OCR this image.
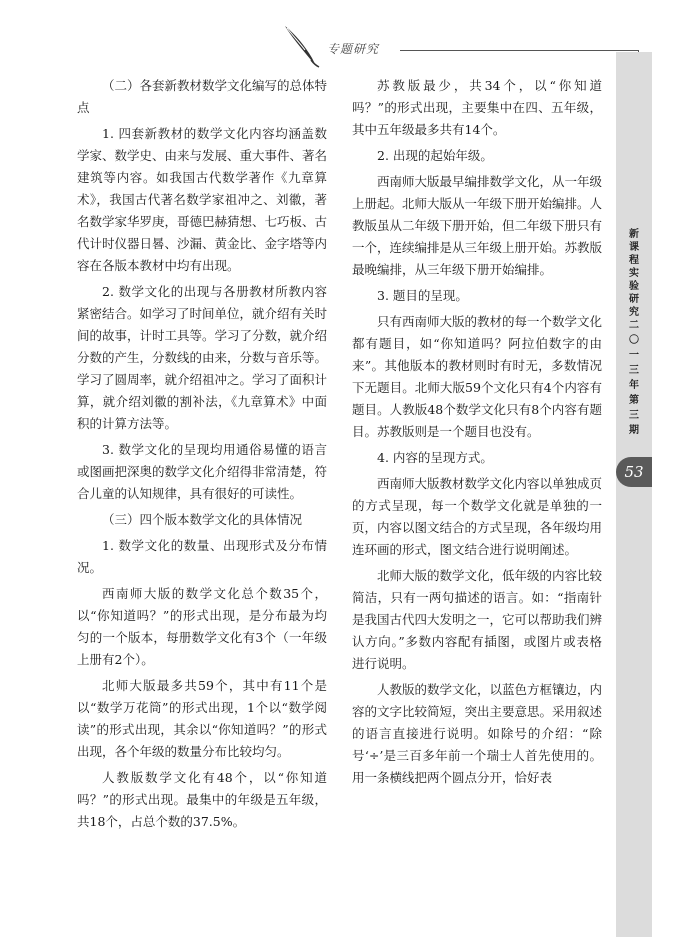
专题研究

（二）各套新教材数学文化编写的总体特点

1. 四套新教材的数学文化内容均涵盖数学家、数学史、由来与发展、重大事件、著名建筑等内容。如我国古代数学著作《九章算术》，我国古代著名数学家祖冲之、刘徽，著名数学家华罗庚，哥德巴赫猜想、七巧板、古代计时仪器日晷、沙漏、黄金比、金字塔等内容在各版本教材中均有出现。

2. 数学文化的出现与各册教材所教内容紧密结合。如学习了时间单位，就介绍有关时间的故事，计时工具等。学习了分数，就介绍分数的产生，分数线的由来，分数与音乐等。学习了圆周率，就介绍祖冲之。学习了面积计算，就介绍刘徽的割补法，《九章算术》中面积的计算方法等。

3. 数学文化的呈现均用通俗易懂的语言或图画把深奥的数学文化介绍得非常清楚，符合儿童的认知规律，具有很好的可读性。

（三）四个版本数学文化的具体情况

1. 数学文化的数量、出现形式及分布情况。

西南师大版的数学文化总个数35个，以“你知道吗？”的形式出现，是分布最为均匀的一个版本，每册数学文化有3个（一年级上册有2个）。

北师大版最多共59个，其中有11个是以“数学万花筒”的形式出现，1个以“数学阅读”的形式出现，其余以“你知道吗？”的形式出现，各个年级的数量分布比较均匀。

人教版数学文化有48个，以“你知道吗？”的形式出现。最集中的年级是五年级，共18个，占总个数的37.5%。

苏教版最少，共34个，以“你知道吗？”的形式出现，主要集中在四、五年级，其中五年级最多共有14个。

2. 出现的起始年级。

西南师大版最早编排数学文化，从一年级上册起。北师大版从一年级下册开始编排。人教版虽从二年级下册开始，但二年级下册只有一个，连续编排是从三年级上册开始。苏教版最晚编排，从三年级下册开始编排。

3. 题目的呈现。

只有西南师大版的教材的每一个数学文化都有题目，如“你知道吗？阿拉伯数字的由来”。其他版本的教材则时有时无，多数情况下无题目。北师大版59个文化只有4个内容有题目。人教版48个数学文化只有8个内容有题目。苏教版则是一个题目也没有。

4. 内容的呈现方式。

西南师大版教材数学文化内容以单独成页的方式呈现，每一个数学文化就是单独的一页，内容以图文结合的方式呈现，各年级均用连环画的形式，图文结合进行说明阐述。

北师大版的数学文化，低年级的内容比较简洁，只有一两句描述的语言。如：“指南针是我国古代四大发明之一，它可以帮助我们辨认方向。”多数内容配有插图，或图片或表格进行说明。

人教版的数学文化，以蓝色方框镶边，内容的文字比较简短，突出主要意思。采用叙述的语言直接进行说明。如除号的介绍：“除号‘÷’是三百多年前一个瑞士人首先使用的。用一条横线把两个圆点分开，恰好表

新
课
程
实
验
研
究
二
〇
一
三
年
第
三
期
53
